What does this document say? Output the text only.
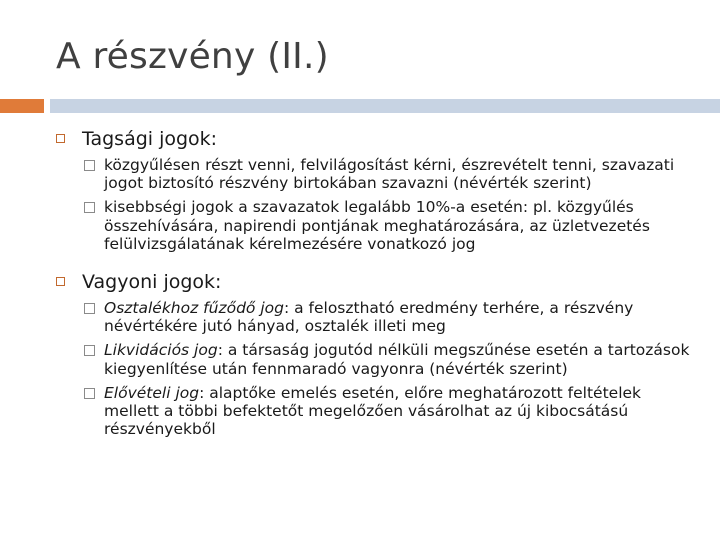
A részvény (II.)
Tagsági jogok:
közgyűlésen részt venni, felvilágosítást kérni, észrevételt tenni, szavazati jogot biztosító részvény birtokában szavazni (névérték szerint)
kisebbségi jogok a szavazatok legalább 10%-a esetén: pl. közgyűlés összehívására, napirendi pontjának meghatározására, az üzletvezetés felülvizsgálatának kérelmezésére vonatkozó jog
Vagyoni jogok:
Osztalékhoz fűződő jog: a felosztható eredmény terhére, a részvény névértékére jutó hányad, osztalék illeti meg
Likvidációs jog: a társaság jogutód nélküli megszűnése esetén a tartozások kiegyenlítése után fennmaradó vagyonra (névérték szerint)
Elővételi jog: alaptőke emelés esetén, előre meghatározott feltételek mellett a többi befektetőt megelőzően vásárolhat az új kibocsátású részvényekből
